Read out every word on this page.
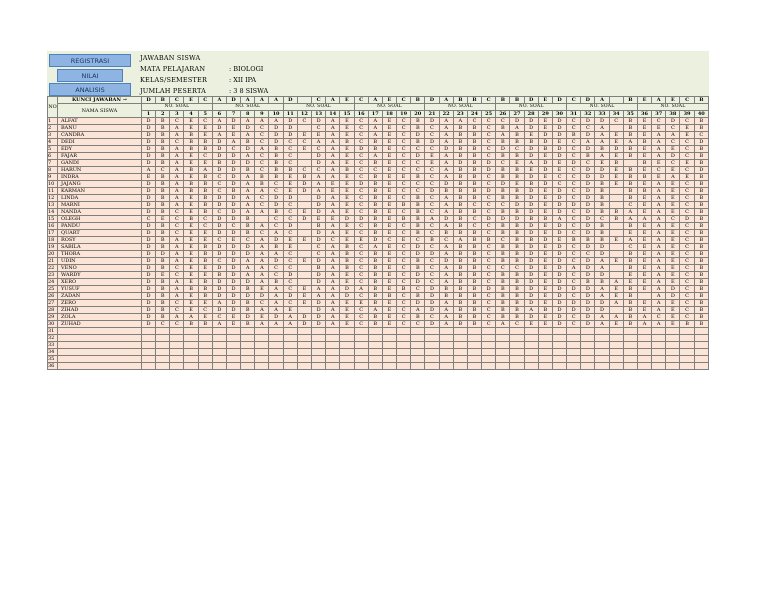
REGISTRASI
NILAI
ANALISIS
JAWABAN SISWA
MATA PELAJARAN	: BIOLOGI
KELAS/SEMESTER	: XII IPA
JUMLAH PESERTA	: 3 8 SISWA
NO	KUNCI JAWABAN →	D	B	C	E	C	A	D	A	A	A	D		C	A	E	C	A	E	C	B	D	A	B	B	C	B	B	D	E	D	C	D	A		B	E	A	E	C	B
	NAMA SISWA	NO. SOAL					NO. SOAL					NO. SOAL					NO. SOAL					NO. SOAL					NO. SOAL					NO. SOAL					NO. SOAL				
		1	2	3	4	5	6	7	8	9	10	11	12	13	14	15	16	17	18	19	20	21	22	23	24	25	26	27	28	29	30	31	32	33	34	35	36	37	38	39	40
1	ALFAT	D	B	C	E	C	A	D	A	A	A	D	C	D	A	E	C	A	E	C	B	D	A	A	C	C	C	D	D	E	D	C	D	D	C	B	E	C	D	C	B
2	BANU	D	B	A	E	E	D	E	D	C	D	D		C	A	E	C	A	E	C	B	C	A	B	B	C	B	A	D	E	D	C	C	A		B	E	E	C	E	B
3	CANDRA	D	B	A	B	E	A	E	A	C	D	D	E	E	A	E	C	A	E	C	D	C	A	B	B	C	A	B	E	D	D	B	D	A	E	B	E	A	A	E	C
4	DEDI	D	B	C	B	B	D	A	B	C	D	C	C	A	A	B	C	B	E	C	B	D	A	B	B	C	B	B	B	D	E	C	A	A	E	A	B	A	C	C	D
5	EDY	D	B	A	B	B	D	C	D	A	B	C	E	C	A	E	D	B	E	C	C	C	D	B	B	C	D	C	D	B	D	C	D	B	D	B	E	A	E	C	B
6	FAJAR	D	B	A	E	C	D	D	A	C	B	C		D	A	E	C	A	E	C	D	E	A	B	B	C	B	B	D	E	D	C	B	A	E	B	E	A	D	C	B
7	GANDI	D	B	A	E	E	B	D	D	C	B	C		D	A	E	C	B	E	C	C	E	A	D	B	D	C	E	A	D	E	D	C	E	B		B	E	C	E	B
8	HARUN	A	C	A	B	A	D	D	B	C	B	B	C	C	A	B	C	C	E	C	C	C	A	B	B	D	B	B	E	D	E	C	D	D	E	B	E	C	E	C	D
9	INDRA	E	B	A	E	B	C	D	A	B	B	E	B	A	A	E	C	B	E	E	B	C	A	B	B	C	B	B	D	E	C	C	D	D	E	B	B	E	A	E	B
10	JAJANG	D	B	A	B	B	C	D	A	B	C	E	D	A	E	E	D	B	E	C	C	C	D	B	B	C	D	E	B	D	C	C	D	B	E	B	E	A	E	C	B
11	KARMAN	D	B	A	B	B	C	B	A	A	C	E	D	A	E	E	C	B	E	C	C	D	B	B	B	D	B	B	D	E	D	C	D	B		B	B	A	E	C	B
12	LINDA	D	B	A	E	B	D	D	A	C	D	D		D	A	E	C	B	E	C	B	C	A	B	B	C	B	B	D	E	D	C	D	B		B	E	A	E	C	B
13	MARNI	D	B	A	E	B	D	D	A	C	D	C		D	A	E	C	B	E	B	B	C	A	B	C	C	C	D	D	E	D	D	D	B		C	E	A	E	C	B
14	NANDA	D	B	C	E	B	C	D	A	A	B	C	E	D	A	E	C	B	E	C	B	C	A	B	B	C	B	B	D	E	D	C	D	B	B	A	E	A	E	C	B
15	OLEGH	C	E	C	B	C	D	D	B		C	C	D	E	E	D	D	B	E	B	B	A	D	B	C	D	D	D	B	B	A	C	D	C	B	A	A	A	C	D	B
16	PANDU	D	B	C	E	C	D	C	B	A	C	D		B	A	E	C	B	E	C	B	C	A	B	C	C	B	B	D	E	D	C	D	B		B	E	A	E	C	B
17	QUART	D	B	C	E	E	D	D	B	C	A	C		D	A	E	C	B	E	C	B	C	B	B	B	C	B	B	D	E	D	C	D	B		E	E	A	E	C	B
18	ROSY	D	B	A	E	E	C	E	C	A	D	E	E	D	C	E	E	D	C	E	C	B	C	A	B	B	C	B	B	D	E	B	B	B	E	A	E	A	E	C	B
19	SABILA	D	B	A	E	B	D	D	D	A	B	E		C	A	B	C	A	E	C	D	C	A	B	B	C	B	B	D	E	D	C	D	D		C	E	A	E	C	B
20	THORA	D	D	A	E	B	D	D	D	A	A	C		C	A	B	C	B	E	C	D	D	A	B	B	C	B	B	D	E	D	C	C	D		B	E	A	E	C	B
21	UDIN	D	B	A	E	B	C	D	A	A	D	C	E	D	A	B	C	B	E	C	B	C	D	B	B	C	B	B	D	E	D	C	D	A	E	B	E	A	E	C	B
22	VENO	D	B	C	E	E	D	D	A	A	C	C		B	A	B	C	B	E	C	B	C	A	B	B	C	C	C	D	E	D	A	D	A		B	E	A	E	C	B
23	WARDY	D	E	C	E	E	B	D	A	A	C	D		D	A	E	C	B	E	C	D	C	A	B	B	C	B	B	D	E	D	C	D	D		E	E	A	E	C	B
24	XERO	D	B	A	E	B	D	D	D	A	B	C		D	A	E	C	B	E	C	D	C	A	B	B	C	B	B	D	E	D	C	B	B	A	E	E	A	E	C	B
25	YUSUF	D	B	A	B	B	D	D	B	E	A	C	E	A	A	D	A	B	E	B	C	D	B	B	B	D	B	B	D	E	D	D	D	A	E	B	E	A	D	C	B
26	ZADAN	D	B	A	E	B	D	D	D	D	A	D	E	A	A	D	C	B	B	C	B	D	B	B	B	C	B	B	D	E	D	C	D	A	E	B		A	D	C	B
27	ZERO	D	B	C	E	E	A	D	B	C	A	C	E	D	A	E	E	B	E	C	D	D	A	B	B	C	B	B	D	E	D	D	D	D	A	B	E	A	E	C	B
28	ZIHAD	D	B	C	E	C	D	D	B	A	A	E		D	A	E	C	A	E	C	A	D	A	B	B	C	B	B	A	B	D	D	D	D		B	E	A	E	C	B
29	ZOLA	D	B	A	A	E	C	E	D	E	D	A	D	D	A	E	C	B	E	C	B	C	A	B	B	C	B	B	D	E	D	C	D	A	A	B	A	C	E	C	B
30	ZUHAD	D	C	C	B	B	A	E	B	A	A	A	D	D	A	E	C	B	E	C	C	D	A	B	B	C	A	C	E	E	D	C	D	A	E	B	A	A	E	B	B
31																																									
32																																									
33																																									
34																																									
35																																									
36																																									
